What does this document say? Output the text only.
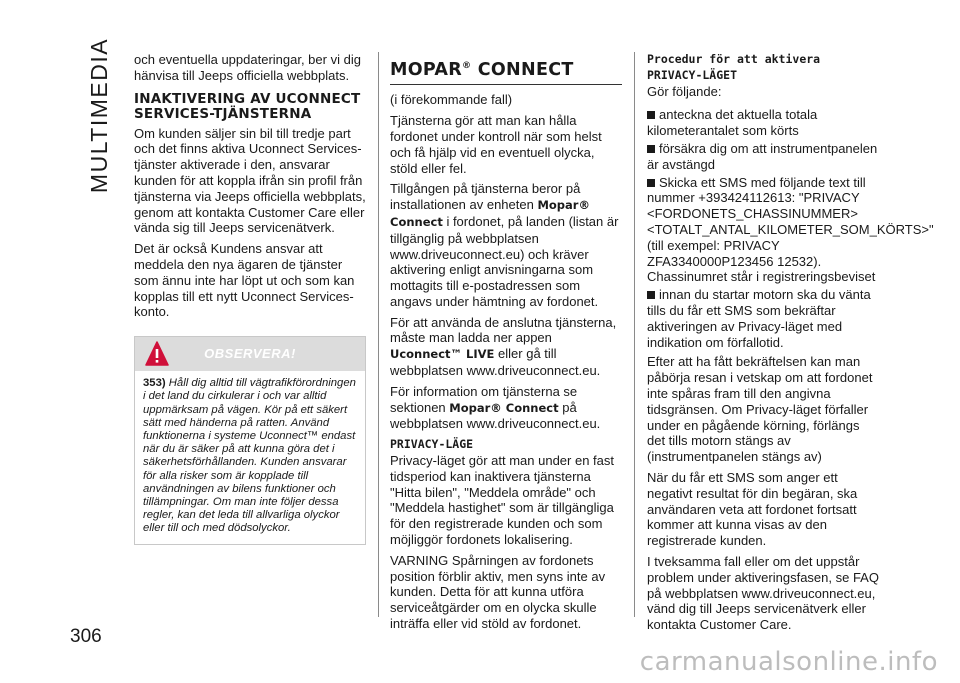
MULTIMEDIA
306

och eventuella uppdateringar, ber vi dig hänvisa till Jeeps officiella webbplats.

INAKTIVERING AV UCONNECT SERVICES-TJÄNSTERNA

Om kunden säljer sin bil till tredje part och det finns aktiva Uconnect Services-tjänster aktiverade i den, ansvarar kunden för att koppla ifrån sin profil från tjänsterna via Jeeps officiella webbplats, genom att kontakta Customer Care eller vända sig till Jeeps servicenätverk.

Det är också Kundens ansvar att meddela den nya ägaren de tjänster som ännu inte har löpt ut och som kan kopplas till ett nytt Uconnect Services-konto.

OBSERVERA!
353) Håll dig alltid till vägtrafikförordningen i det land du cirkulerar i och var alltid uppmärksam på vägen. Kör på ett säkert sätt med händerna på ratten. Använd funktionerna i systeme Uconnect™ endast när du är säker på att kunna göra det i säkerhetsförhållanden. Kunden ansvarar för alla risker som är kopplade till användningen av bilens funktioner och tillämpningar. Om man inte följer dessa regler, kan det leda till allvarliga olyckor eller till och med dödsolyckor.
MOPAR® CONNECT

(i förekommande fall)

Tjänsterna gör att man kan hålla fordonet under kontroll när som helst och få hjälp vid en eventuell olycka, stöld eller fel.

Tillgången på tjänsterna beror på installationen av enheten Mopar® Connect i fordonet, på landen (listan är tillgänglig på webbplatsen www.driveuconnect.eu) och kräver aktivering enligt anvisningarna som mottagits till e-postadressen som angavs under hämtning av fordonet.

För att använda de anslutna tjänsterna, måste man ladda ner appen Uconnect™ LIVE eller gå till webbplatsen www.driveuconnect.eu.

För information om tjänsterna se sektionen Mopar® Connect på webbplatsen www.driveuconnect.eu.

PRIVACY-LÄGE

Privacy-läget gör att man under en fast tidsperiod kan inaktivera tjänsterna "Hitta bilen", "Meddela område" och "Meddela hastighet" som är tillgängliga för den registrerade kunden och som möjliggör fordonets lokalisering.

VARNING Spårningen av fordonets position förblir aktiv, men syns inte av kunden. Detta för att kunna utföra serviceåtgärder om en olycka skulle inträffa eller vid stöld av fordonet.

Procedur för att aktivera PRIVACY-LÄGET

Gör följande:

anteckna det aktuella totala kilometerantalet som körts
försäkra dig om att instrumentpanelen är avstängd
Skicka ett SMS med följande text till nummer +393424112613: "PRIVACY
<FORDONETS_CHASSINUMMER>
<TOTALT_ANTAL_KILOMETER_SOM_KÖRTS>"
(till exempel: PRIVACY ZFA3340000P123456 12532).
Chassinumret står i registreringsbeviset
innan du startar motorn ska du vänta tills du får ett SMS som bekräftar aktiveringen av Privacy-läget med indikation om förfallotid.

Efter att ha fått bekräftelsen kan man påbörja resan i vetskap om att fordonet inte spåras fram till den angivna tidsgränsen. Om Privacy-läget förfaller under en pågående körning, förlängs det tills motorn stängs av (instrumentpanelen stängs av)

När du får ett SMS som anger ett negativt resultat för din begäran, ska användaren veta att fordonet fortsatt kommer att kunna visas av den registrerade kunden.

I tveksamma fall eller om det uppstår problem under aktiveringsfasen, se FAQ på webbplatsen www.driveuconnect.eu, vänd dig till Jeeps servicenätverk eller kontakta Customer Care.

carmanualsonline.info
